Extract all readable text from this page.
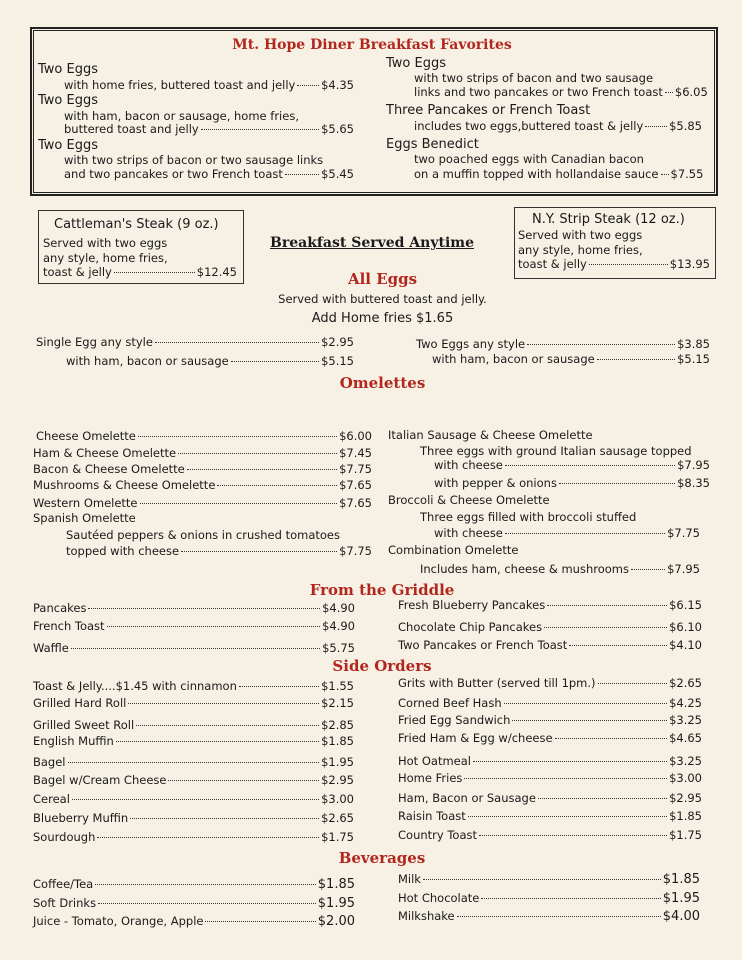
Mt. Hope Diner Breakfast Favorites
Two Eggs
with home fries, buttered toast and jelly $4.35
Two Eggs
with ham, bacon or sausage, home fries,
buttered toast and jelly	$5.65
Two Eggs
with two strips of bacon or two sausage links
and two pancakes or two French toast	$5.45
Two Eggs
with two strips of bacon and two sausage
links and two pancakes or two French toast $6.05
Three Pancakes or French Toast
includes two eggs,buttered toast & jelly $5.85
Eggs Benedict
two poached eggs with Canadian bacon
on a muffin topped with hollandaise sauce $7.55
Cattleman's Steak (9 oz.)
Served with two eggs
any style, home fries,
toast & jelly	$12.45
N.Y. Strip Steak (12 oz.)
Served with two eggs
any style, home fries,
toast & jelly	$13.95
Breakfast Served Anytime
All Eggs
Served with buttered toast and jelly.
Add Home fries $1.65
Single Egg any style	$2.95
with ham, bacon or sausage	$5.15
Two Eggs any style	$3.85
with ham, bacon or sausage	$5.15
Omelettes
Cheese Omelette	$6.00
Ham & Cheese Omelette	$7.45
Bacon & Cheese Omelette	$7.75
Mushrooms & Cheese Omelette	$7.65
Western Omelette	$7.65
Spanish Omelette
Sautéed peppers & onions in crushed tomatoes
topped with cheese	$7.75
Italian Sausage & Cheese Omelette
Three eggs with ground Italian sausage topped
with cheese	$7.95
with pepper & onions	$8.35
Broccoli & Cheese Omelette
Three eggs filled with broccoli stuffed
with cheese	$7.75
Combination Omelette
Includes ham, cheese & mushrooms	$7.95
From the Griddle
Pancakes	$4.90
French Toast	$4.90
Waffle	$5.75
Fresh Blueberry Pancakes	$6.15
Chocolate Chip Pancakes	$6.10
Two Pancakes or French Toast	$4.10
Side Orders
Toast & Jelly....$1.45 with cinnamon	$1.55
Grilled Hard Roll	$2.15
Grilled Sweet Roll	$2.85
English Muffin	$1.85
Bagel	$1.95
Bagel w/Cream Cheese	$2.95
Cereal	$3.00
Blueberry Muffin	$2.65
Sourdough	$1.75
Grits with Butter (served till 1pm.)	$2.65
Corned Beef Hash	$4.25
Fried Egg Sandwich	$3.25
Fried Ham & Egg w/cheese	$4.65
Hot Oatmeal	$3.25
Home Fries	$3.00
Ham, Bacon or Sausage	$2.95
Raisin Toast	$1.85
Country Toast	$1.75
Beverages
Coffee/Tea	$1.85
Soft Drinks	$1.95
Juice - Tomato, Orange, Apple	$2.00
Milk	$1.85
Hot Chocolate	$1.95
Milkshake	$4.00
